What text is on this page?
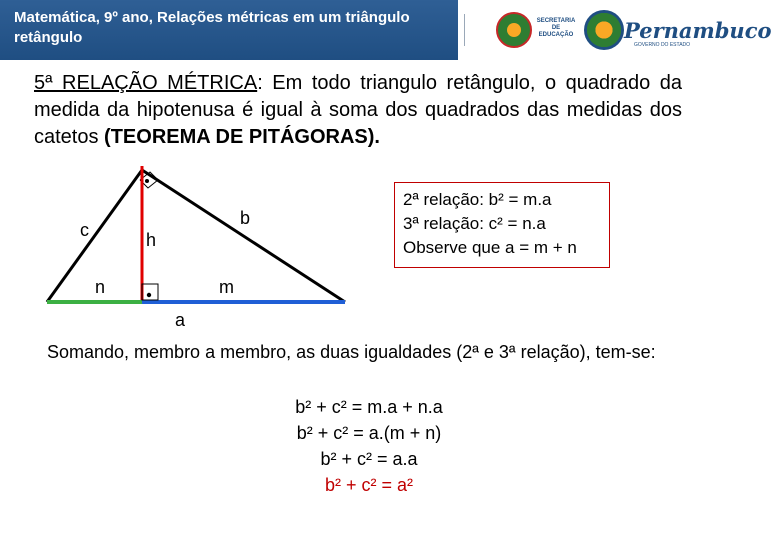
Matemática, 9º ano, Relações métricas em um triângulo retângulo
SECRETARIA DE EDUCAÇÃO Pernambuco
GOVERNO DO ESTADO
5ª RELAÇÃO MÉTRICA: Em todo triangulo retângulo, o quadrado da medida da hipotenusa é igual à soma dos quadrados das medidas dos catetos (TEOREMA DE PITÁGORAS).
c
b
h
n	m
a
2ª relação: b² = m.a
3ª relação: c² = n.a
Observe que a = m + n
Somando, membro a membro, as duas igualdades (2ª e 3ª relação), tem-se:
b² + c² = m.a + n.a
b² + c² = a.(m + n)
b² + c² = a.a
b² + c² = a²
